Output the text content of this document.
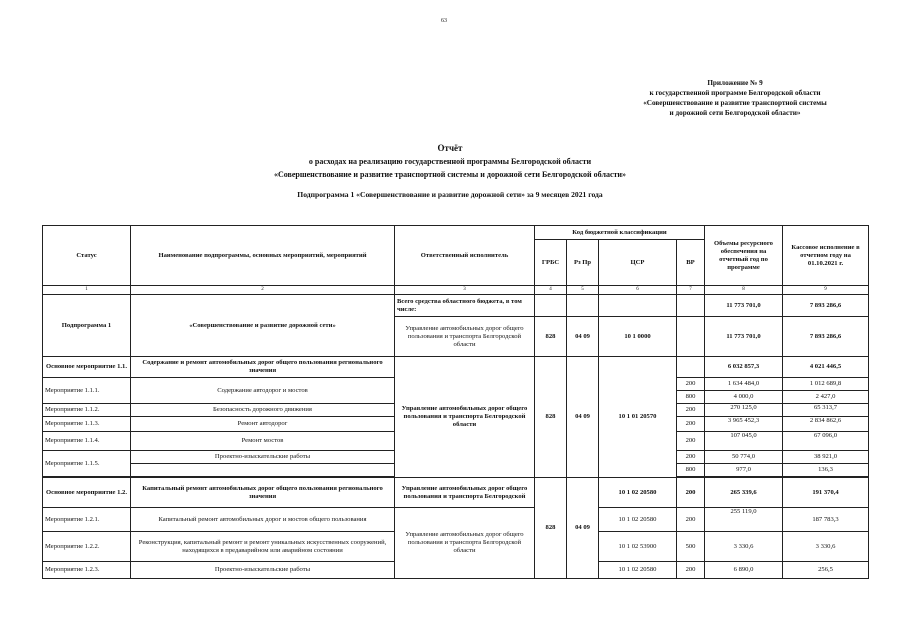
63
Приложение № 9
к государственной программе Белгородской области
«Совершенствование и развитие транспортной системы
и дорожной сети Белгородской области»
Отчёт
о расходах на реализацию государственной программы Белгородской области
«Совершенствование и развитие транспортной системы и дорожной сети Белгородской области»
Подпрограмма 1 «Совершенствование и развитие дорожной сети» за 9 месяцев 2021 года
Статус	Наименование подпрограммы, основных мероприятий, мероприятий	Ответственный исполнитель	Код бюджетной классификации				Объемы ресурсного обеспечения на отчетный год по программе	Кассовое исполнение в отчетном году на 01.10.2021 г.
			ГРБС	Рз Пр	ЦСР	ВР		
1	2	3	4	5	6	7	8	9
Подпрограмма 1	«Совершенствование и развитие дорожной сети»	Всего средства областного бюджета, в том числе:					11 773 701,0	7 893 286,6
		Управление автомобильных дорог общего пользования и транспорта Белгородской области	828	04 09	10 1 0000		11 773 701,0	7 893 286,6
Основное мероприятие 1.1.	Содержание и ремонт автомобильных дорог общего пользования регионального значения	Управление автомобильных дорог общего пользования и транспорта Белгородской области	828	04 09	10 1 01 20570		6 032 857,3	4 021 446,5
Мероприятие 1.1.1.	Содержание автодорог и мостов					200	1 634 484,0	1 012 689,8
						800	4 000,0	2 427,0
Мероприятие 1.1.2.	Безопасность дорожного движения					200	270 125,0	65 313,7
Мероприятие 1.1.3.	Ремонт автодорог					200	3 965 452,3	2 834 862,6
Мероприятие 1.1.4.	Ремонт мостов					200	107 045,0	67 096,0
Мероприятие 1.1.5.	Проектно-изыскательские работы					200	50 774,0	38 921,0
						800	977,0	136,3

Основное мероприятие 1.2.	Капитальный ремонт автомобильных дорог общего пользования регионального значения	Управление автомобильных дорог общего пользования и транспорта Белгородской	828	04 09	10 1 02 20580	200	265 339,6	191 370,4
Мероприятие 1.2.1.	Капитальный ремонт автомобильных дорог и мостов общего пользования	Управление автомобильных дорог общего пользования и транспорта Белгородской области			10 1 02 20580	200	255 119,0	187 783,3
Мероприятие 1.2.2.	Реконструкция, капитальный ремонт и ремонт уникальных искусственных сооружений, находящихся в предаварийном или аварийном состоянии				10 1 02 53900	500	3 330,6	3 330,6
Мероприятие 1.2.3.	Проектно-изыскательские работы				10 1 02 20580	200	6 890,0	256,5
